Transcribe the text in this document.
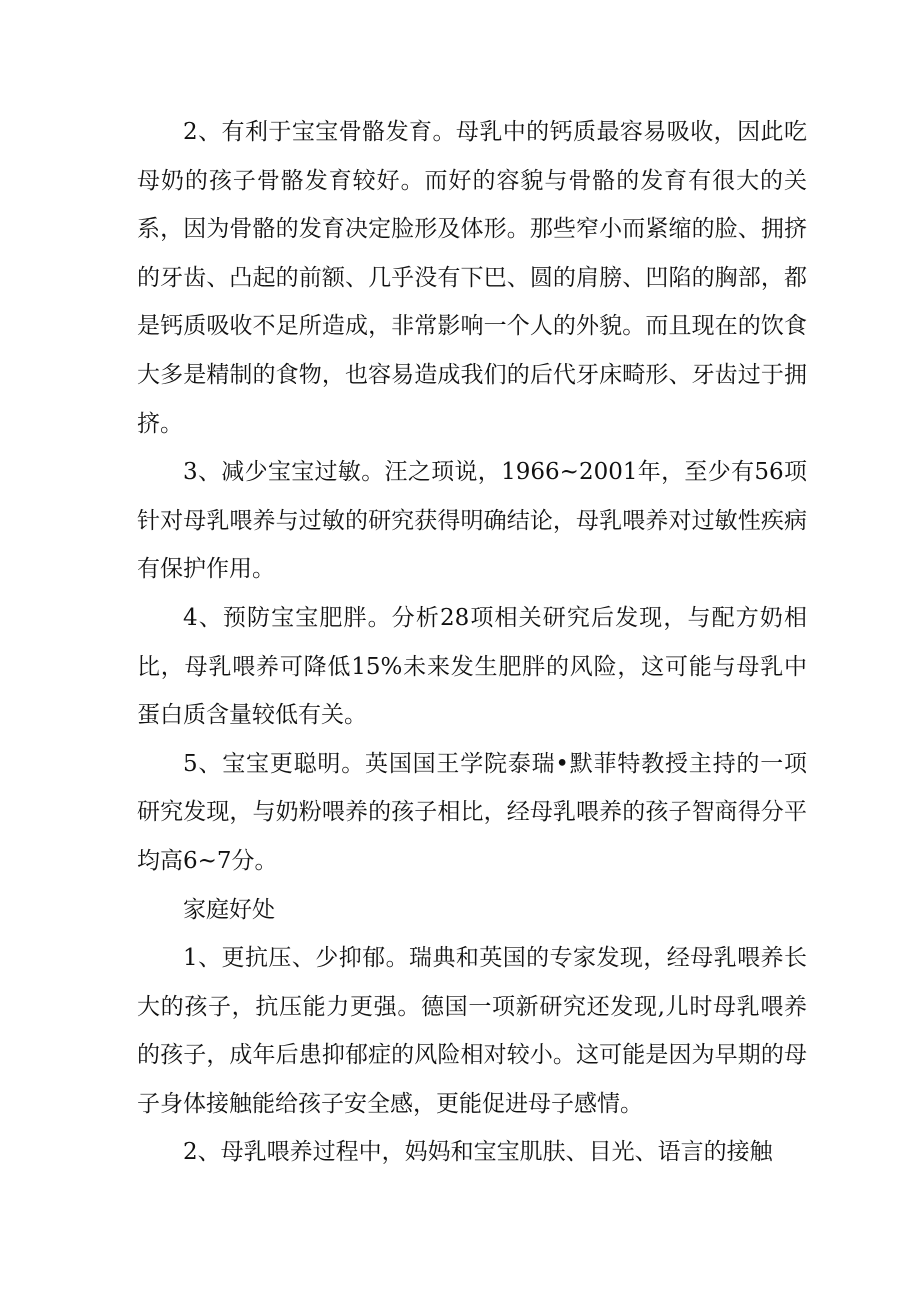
2、有利于宝宝骨骼发育。母乳中的钙质最容易吸收，因此吃母奶的孩子骨骼发育较好。而好的容貌与骨骼的发育有很大的关系，因为骨骼的发育决定脸形及体形。那些窄小而紧缩的脸、拥挤的牙齿、凸起的前额、几乎没有下巴、圆的肩膀、凹陷的胸部，都是钙质吸收不足所造成，非常影响一个人的外貌。而且现在的饮食大多是精制的食物，也容易造成我们的后代牙床畸形、牙齿过于拥挤。

3、减少宝宝过敏。汪之顼说，1966~2001年，至少有56项针对母乳喂养与过敏的研究获得明确结论，母乳喂养对过敏性疾病有保护作用。

4、预防宝宝肥胖。分析28项相关研究后发现，与配方奶相比，母乳喂养可降低15%未来发生肥胖的风险，这可能与母乳中蛋白质含量较低有关。

5、宝宝更聪明。英国国王学院泰瑞•默菲特教授主持的一项研究发现，与奶粉喂养的孩子相比，经母乳喂养的孩子智商得分平均高6~7分。

家庭好处

1、更抗压、少抑郁。瑞典和英国的专家发现，经母乳喂养长大的孩子，抗压能力更强。德国一项新研究还发现,儿时母乳喂养的孩子，成年后患抑郁症的风险相对较小。这可能是因为早期的母子身体接触能给孩子安全感，更能促进母子感情。

2、母乳喂养过程中，妈妈和宝宝肌肤、目光、语言的接触
